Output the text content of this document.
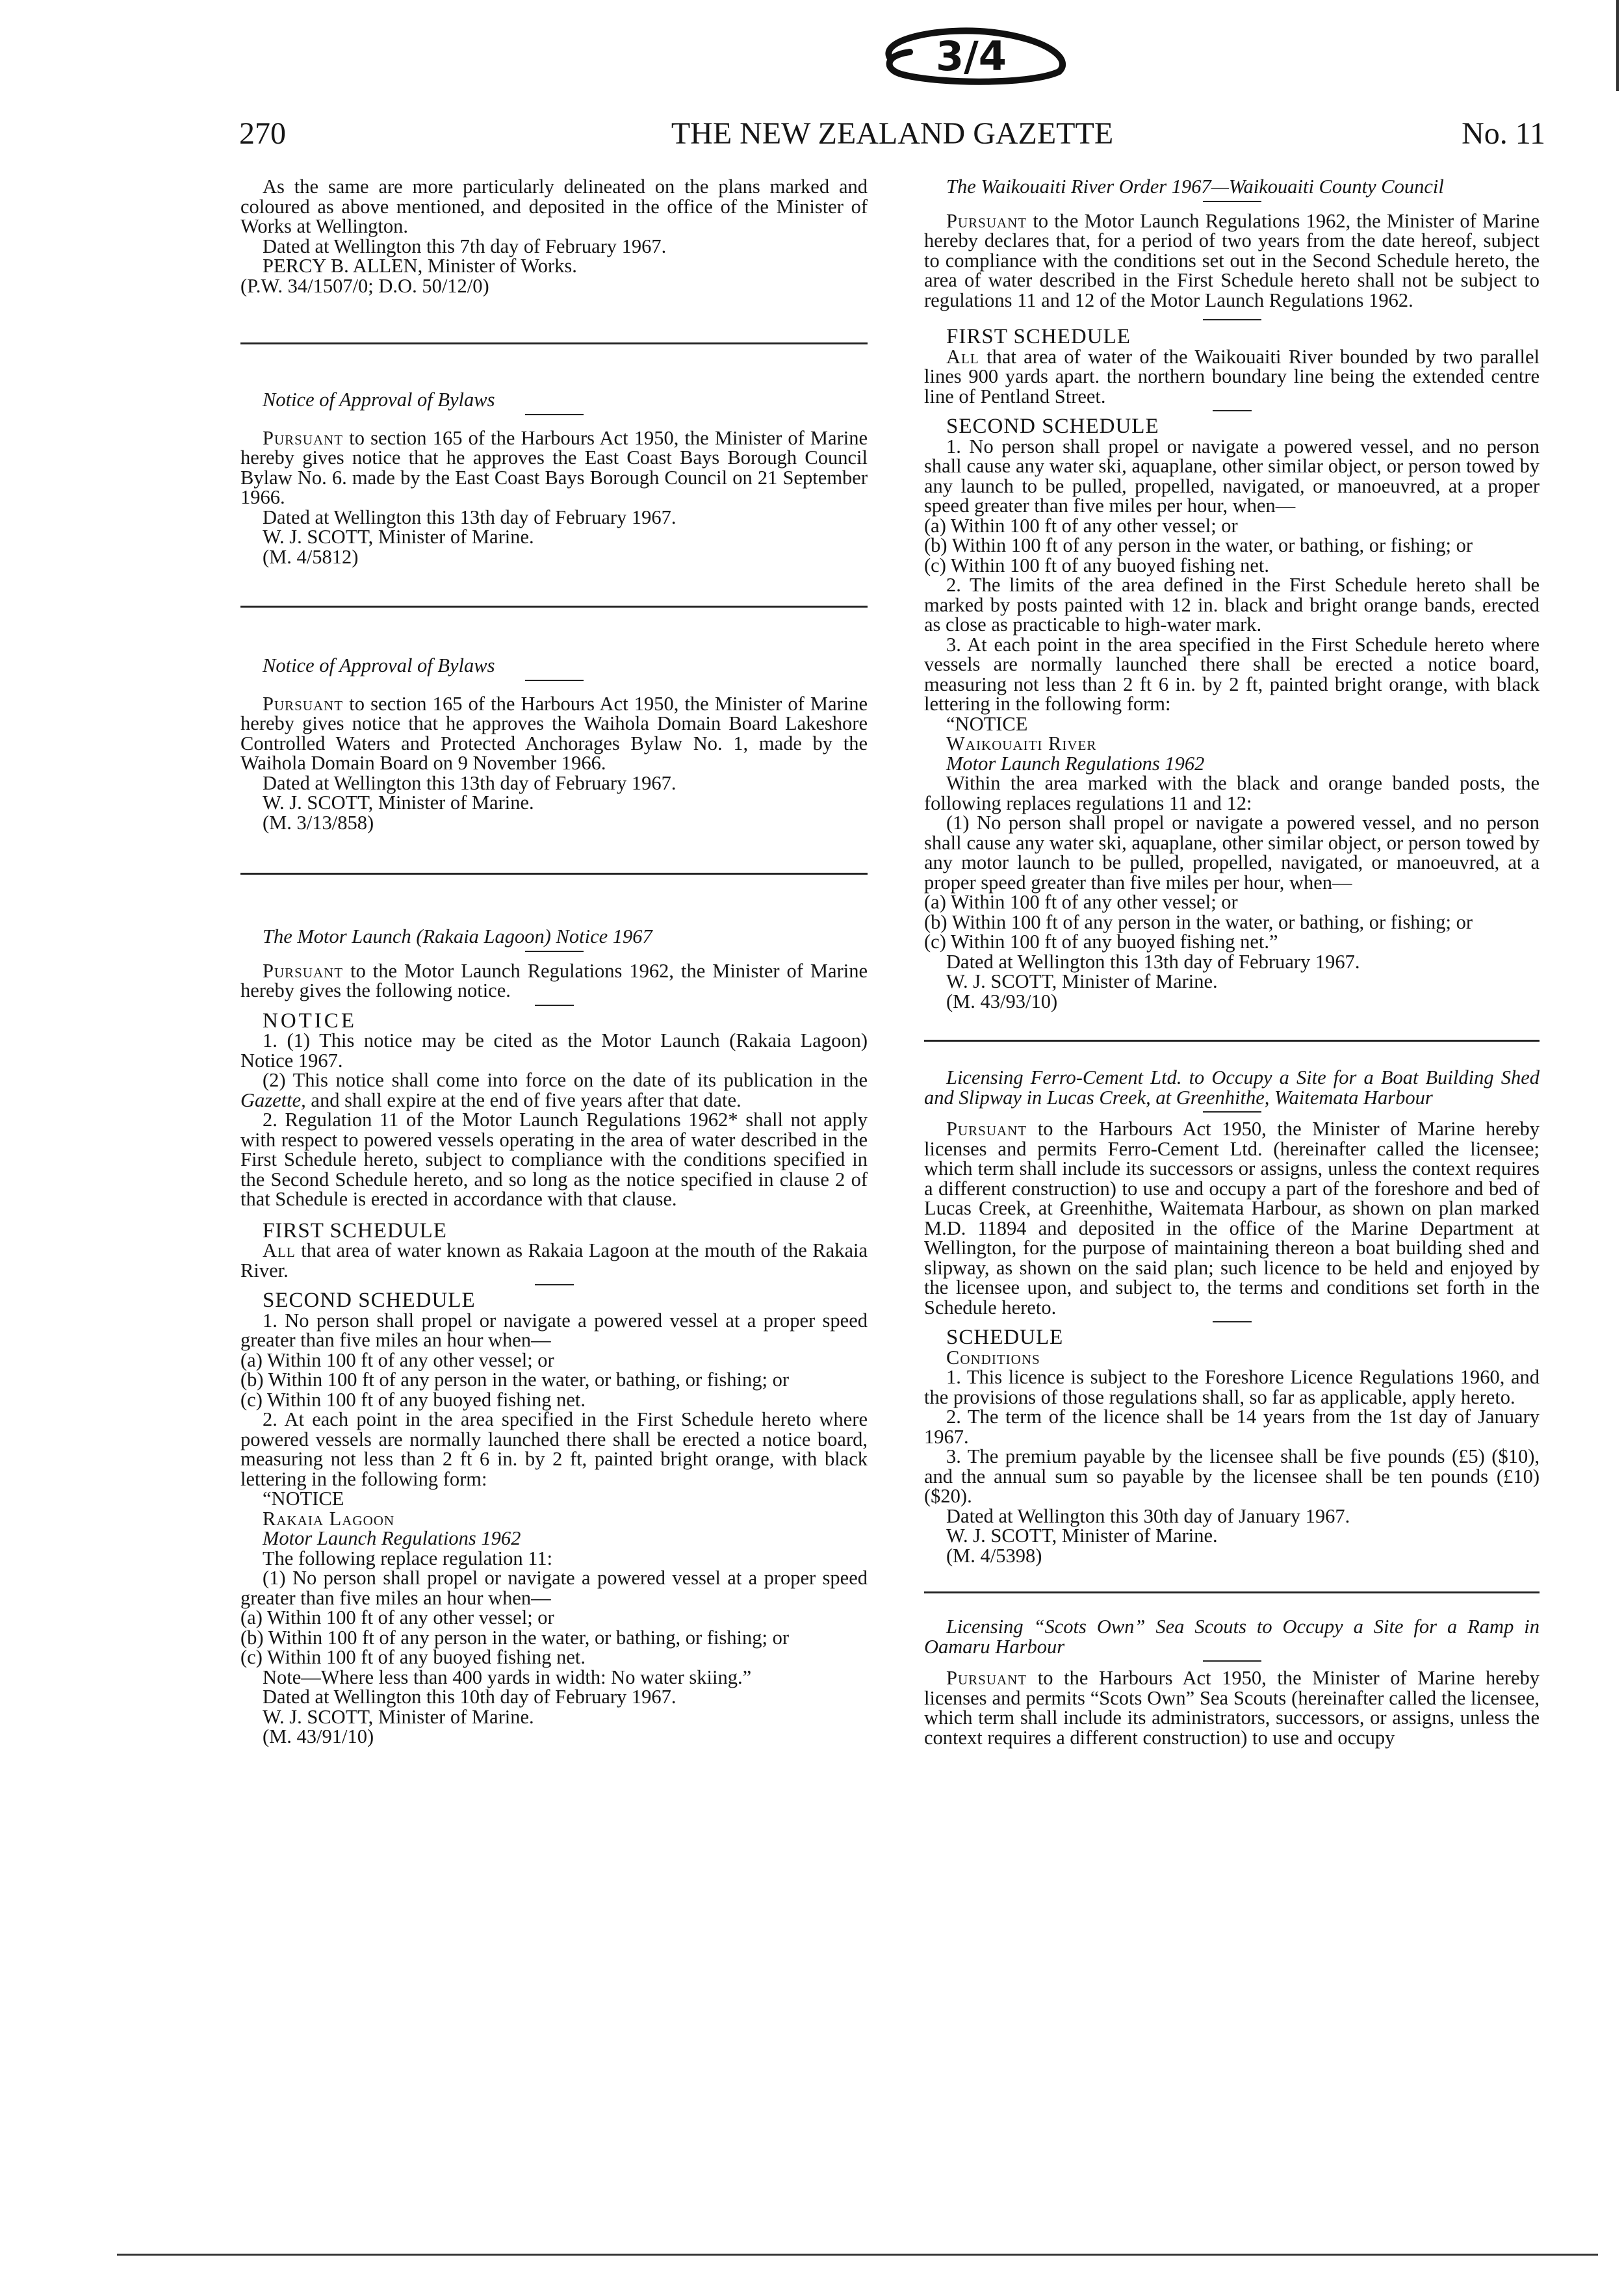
3/4
270	THE NEW ZEALAND GAZETTE	No. 11

As the same are more particularly delineated on the plans marked and coloured as above mentioned, and deposited in the office of the Minister of Works at Wellington.

Dated at Wellington this 7th day of February 1967.

PERCY B. ALLEN, Minister of Works.

(P.W. 34/1507/0; D.O. 50/12/0)

Notice of Approval of Bylaws

Pursuant to section 165 of the Harbours Act 1950, the Minister of Marine hereby gives notice that he approves the East Coast Bays Borough Council Bylaw No. 6. made by the East Coast Bays Borough Council on 21 September 1966.

Dated at Wellington this 13th day of February 1967.

W. J. SCOTT, Minister of Marine.

(M. 4/5812)

Notice of Approval of Bylaws

Pursuant to section 165 of the Harbours Act 1950, the Minister of Marine hereby gives notice that he approves the Waihola Domain Board Lakeshore Controlled Waters and Protected Anchorages Bylaw No. 1, made by the Waihola Domain Board on 9 November 1966.

Dated at Wellington this 13th day of February 1967.

W. J. SCOTT, Minister of Marine.

(M. 3/13/858)

The Motor Launch (Rakaia Lagoon) Notice 1967

Pursuant to the Motor Launch Regulations 1962, the Minister of Marine hereby gives the following notice.

NOTICE

1. (1) This notice may be cited as the Motor Launch (Rakaia Lagoon) Notice 1967.

(2) This notice shall come into force on the date of its publication in the Gazette, and shall expire at the end of five years after that date.

2. Regulation 11 of the Motor Launch Regulations 1962* shall not apply with respect to powered vessels operating in the area of water described in the First Schedule hereto, subject to compliance with the conditions specified in the Second Schedule hereto, and so long as the notice specified in clause 2 of that Schedule is erected in accordance with that clause.

FIRST SCHEDULE

All that area of water known as Rakaia Lagoon at the mouth of the Rakaia River.

SECOND SCHEDULE

1. No person shall propel or navigate a powered vessel at a proper speed greater than five miles an hour when—

(a) Within 100 ft of any other vessel; or

(b) Within 100 ft of any person in the water, or bathing, or fishing; or

(c) Within 100 ft of any buoyed fishing net.

2. At each point in the area specified in the First Schedule hereto where powered vessels are normally launched there shall be erected a notice board, measuring not less than 2 ft 6 in. by 2 ft, painted bright orange, with black lettering in the following form:

“NOTICE

Rakaia Lagoon

Motor Launch Regulations 1962

The following replace regulation 11:

(1) No person shall propel or navigate a powered vessel at a proper speed greater than five miles an hour when—

(a) Within 100 ft of any other vessel; or

(b) Within 100 ft of any person in the water, or bathing, or fishing; or

(c) Within 100 ft of any buoyed fishing net.

Note—Where less than 400 yards in width: No water skiing.”

Dated at Wellington this 10th day of February 1967.

W. J. SCOTT, Minister of Marine.

(M. 43/91/10)

The Waikouaiti River Order 1967—Waikouaiti County Council

Pursuant to the Motor Launch Regulations 1962, the Minister of Marine hereby declares that, for a period of two years from the date hereof, subject to compliance with the conditions set out in the Second Schedule hereto, the area of water described in the First Schedule hereto shall not be subject to regulations 11 and 12 of the Motor Launch Regulations 1962.

FIRST SCHEDULE

All that area of water of the Waikouaiti River bounded by two parallel lines 900 yards apart. the northern boundary line being the extended centre line of Pentland Street.

SECOND SCHEDULE

1. No person shall propel or navigate a powered vessel, and no person shall cause any water ski, aquaplane, other similar object, or person towed by any launch to be pulled, propelled, navigated, or manoeuvred, at a proper speed greater than five miles per hour, when—

(a) Within 100 ft of any other vessel; or

(b) Within 100 ft of any person in the water, or bathing, or fishing; or

(c) Within 100 ft of any buoyed fishing net.

2. The limits of the area defined in the First Schedule hereto shall be marked by posts painted with 12 in. black and bright orange bands, erected as close as practicable to high-water mark.

3. At each point in the area specified in the First Schedule hereto where vessels are normally launched there shall be erected a notice board, measuring not less than 2 ft 6 in. by 2 ft, painted bright orange, with black lettering in the following form:

“NOTICE

Waikouaiti River

Motor Launch Regulations 1962

Within the area marked with the black and orange banded posts, the following replaces regulations 11 and 12:

(1) No person shall propel or navigate a powered vessel, and no person shall cause any water ski, aquaplane, other similar object, or person towed by any motor launch to be pulled, propelled, navigated, or manoeuvred, at a proper speed greater than five miles per hour, when—

(a) Within 100 ft of any other vessel; or

(b) Within 100 ft of any person in the water, or bathing, or fishing; or

(c) Within 100 ft of any buoyed fishing net.”

Dated at Wellington this 13th day of February 1967.

W. J. SCOTT, Minister of Marine.

(M. 43/93/10)

Licensing Ferro-Cement Ltd. to Occupy a Site for a Boat Building Shed and Slipway in Lucas Creek, at Greenhithe, Waitemata Harbour

Pursuant to the Harbours Act 1950, the Minister of Marine hereby licenses and permits Ferro-Cement Ltd. (hereinafter called the licensee; which term shall include its successors or assigns, unless the context requires a different construction) to use and occupy a part of the foreshore and bed of Lucas Creek, at Greenhithe, Waitemata Harbour, as shown on plan marked M.D. 11894 and deposited in the office of the Marine Department at Wellington, for the purpose of maintaining thereon a boat building shed and slipway, as shown on the said plan; such licence to be held and enjoyed by the licensee upon, and subject to, the terms and conditions set forth in the Schedule hereto.

SCHEDULE

Conditions

1. This licence is subject to the Foreshore Licence Regulations 1960, and the provisions of those regulations shall, so far as applicable, apply hereto.

2. The term of the licence shall be 14 years from the 1st day of January 1967.

3. The premium payable by the licensee shall be five pounds (£5) ($10), and the annual sum so payable by the licensee shall be ten pounds (£10) ($20).

Dated at Wellington this 30th day of January 1967.

W. J. SCOTT, Minister of Marine.

(M. 4/5398)

Licensing “Scots Own” Sea Scouts to Occupy a Site for a Ramp in Oamaru Harbour

Pursuant to the Harbours Act 1950, the Minister of Marine hereby licenses and permits “Scots Own” Sea Scouts (hereinafter called the licensee, which term shall include its administrators, successors, or assigns, unless the context requires a different construction) to use and occupy
